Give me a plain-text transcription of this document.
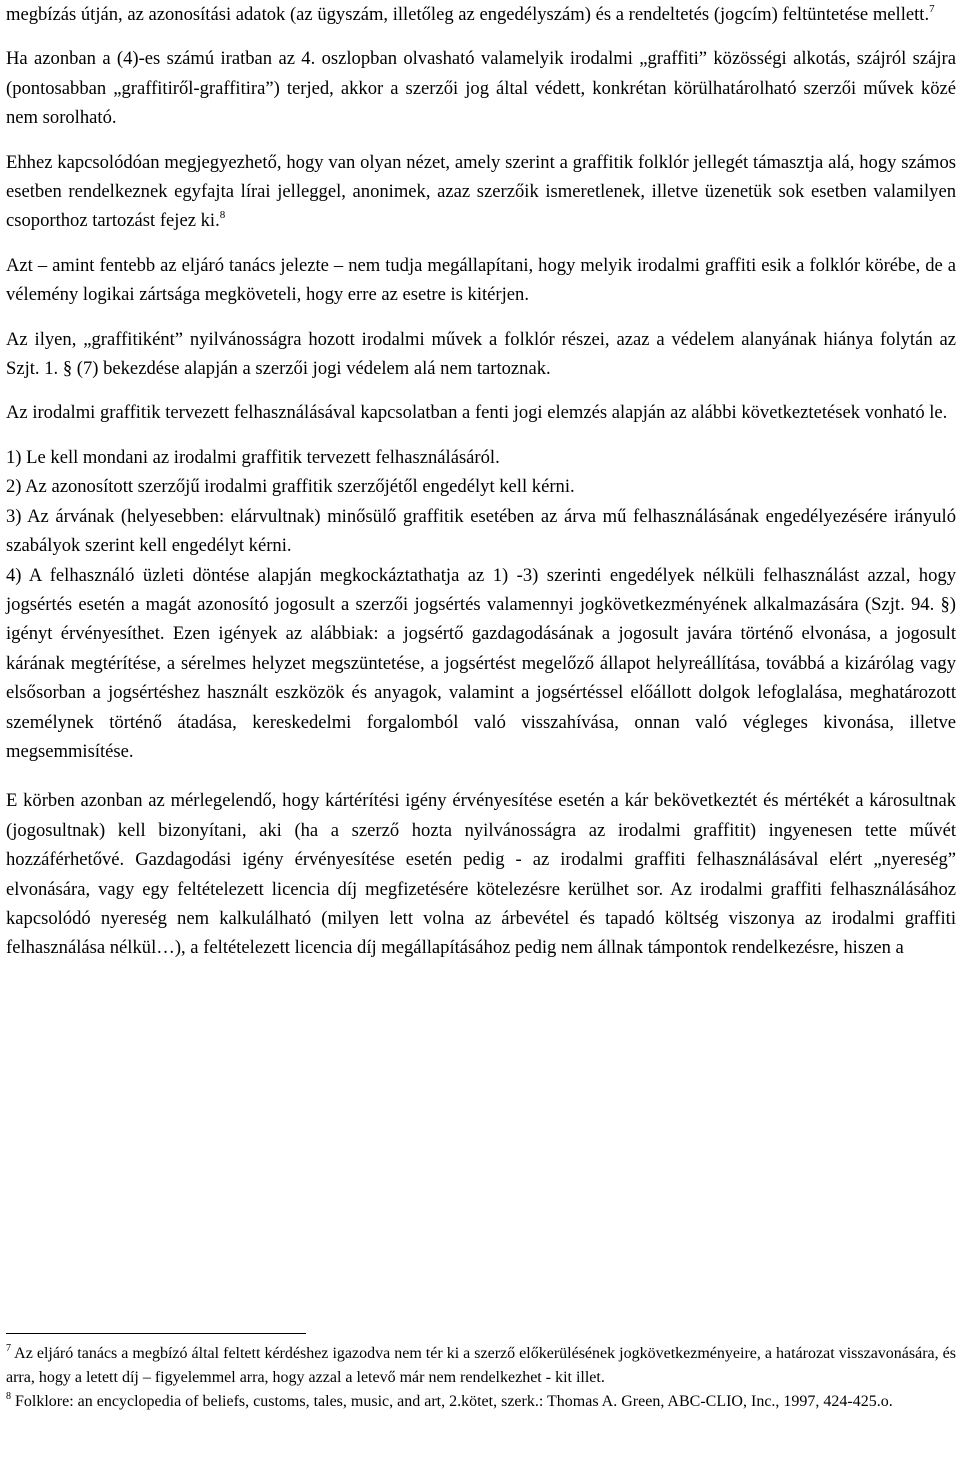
megbízás útján, az azonosítási adatok (az ügyszám, illetőleg az engedélyszám) és a rendeltetés (jogcím) feltüntetése mellett.$^7$

Ha azonban a (4)-es számú iratban az 4. oszlopban olvasható valamelyik irodalmi „graffiti” közösségi alkotás, szájról szájra (pontosabban „graffitiről-graffitira”) terjed, akkor a szerzői jog által védett, konkrétan körülhatárolható szerzői művek közé nem sorolható.

Ehhez kapcsolódóan megjegyezhető, hogy van olyan nézet, amely szerint a graffitik folklór jellegét támasztja alá, hogy számos esetben rendelkeznek egyfajta lírai jelleggel, anonimek, azaz szerzőik ismeretlenek, illetve üzenetük sok esetben valamilyen csoporthoz tartozást fejez ki.$^8$

Azt – amint fentebb az eljáró tanács jelezte – nem tudja megállapítani, hogy melyik irodalmi graffiti esik a folklór körébe, de a vélemény logikai zártsága megköveteli, hogy erre az esetre is kitérjen.

Az ilyen, „graffitiként” nyilvánosságra hozott irodalmi művek a folklór részei, azaz a védelem alanyának hiánya folytán az Szjt. 1. § (7) bekezdése alapján a szerzői jogi védelem alá nem tartoznak.

Az irodalmi graffitik tervezett felhasználásával kapcsolatban a fenti jogi elemzés alapján az alábbi következtetések vonható le.

1) Le kell mondani az irodalmi graffitik tervezett felhasználásáról.

2) Az azonosított szerzőjű irodalmi graffitik szerzőjétől engedélyt kell kérni.

3) Az árvának (helyesebben: elárvultnak) minősülő graffitik esetében az árva mű felhasználásának engedélyezésére irányuló szabályok szerint kell engedélyt kérni.

4) A felhasználó üzleti döntése alapján megkockáztathatja az 1) -3) szerinti engedélyek nélküli felhasználást azzal, hogy jogsértés esetén a magát azonosító jogosult a szerzői jogsértés valamennyi jogkövetkezményének alkalmazására (Szjt. 94. §) igényt érvényesíthet. Ezen igények az alábbiak: a jogsértő gazdagodásának a jogosult javára történő elvonása, a jogosult kárának megtérítése, a sérelmes helyzet megszüntetése, a jogsértést megelőző állapot helyreállítása, továbbá a kizárólag vagy elsősorban a jogsértéshez használt eszközök és anyagok, valamint a jogsértéssel előállott dolgok lefoglalása, meghatározott személynek történő átadása, kereskedelmi forgalomból való visszahívása, onnan való végleges kivonása, illetve megsemmisítése.

E körben azonban az mérlegelendő, hogy kártérítési igény érvényesítése esetén a kár bekövetkeztét és mértékét a károsultnak (jogosultnak) kell bizonyítani, aki (ha a szerző hozta nyilvánosságra az irodalmi graffitit) ingyenesen tette művét hozzáférhetővé. Gazdagodási igény érvényesítése esetén pedig - az irodalmi graffiti felhasználásával elért „nyereség” elvonására, vagy egy feltételezett licencia díj megfizetésére kötelezésre kerülhet sor. Az irodalmi graffiti felhasználásához kapcsolódó nyereség nem kalkulálható (milyen lett volna az árbevétel és tapadó költség viszonya az irodalmi graffiti felhasználása nélkül…), a feltételezett licencia díj megállapításához pedig nem állnak támpontok rendelkezésre, hiszen a

$^7$ Az eljáró tanács a megbízó által feltett kérdéshez igazodva nem tér ki a szerző előkerülésének jogkövetkezményeire, a határozat visszavonására, és arra, hogy a letett díj – figyelemmel arra, hogy azzal a letevő már nem rendelkezhet - kit illet.

$^8$ Folklore: an encyclopedia of beliefs, customs, tales, music, and art, 2.kötet, szerk.: Thomas A. Green, ABC-CLIO, Inc., 1997, 424-425.o.
